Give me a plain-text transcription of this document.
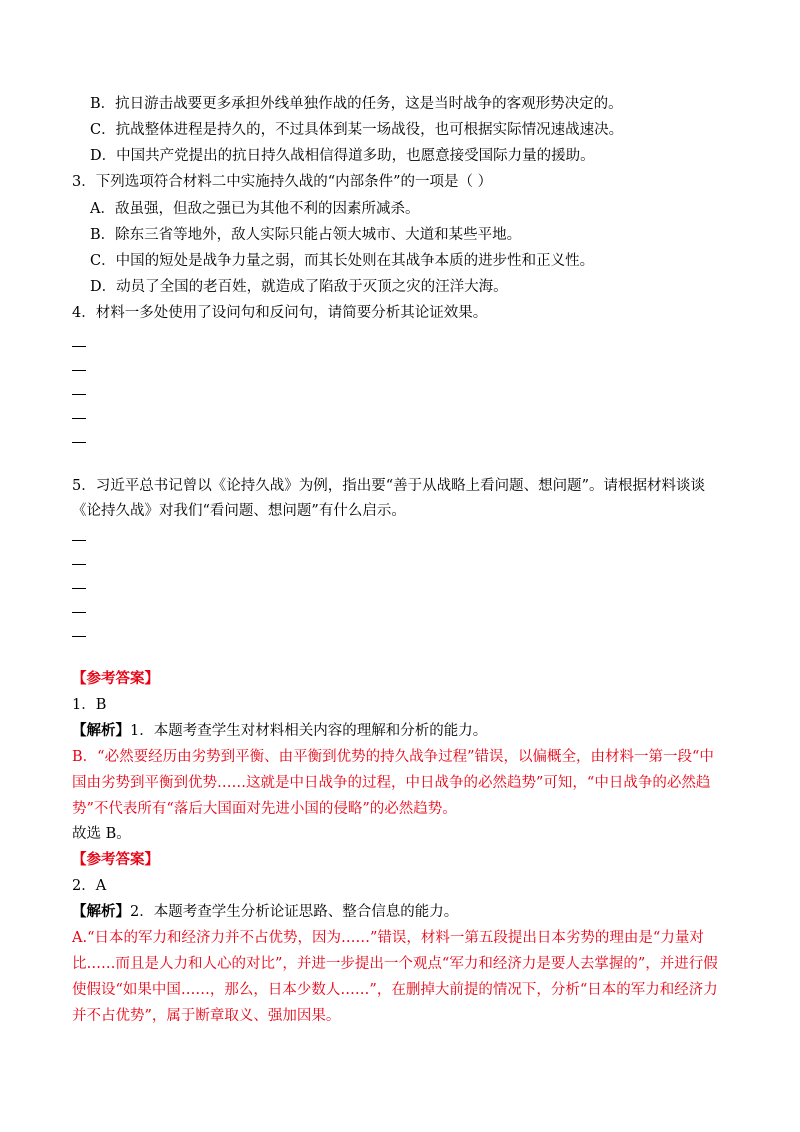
B．抗日游击战要更多承担外线单独作战的任务，这是当时战争的客观形势决定的。
C．抗战整体进程是持久的，不过具体到某一场战役，也可根据实际情况速战速决。
D．中国共产党提出的抗日持久战相信得道多助，也愿意接受国际力量的援助。
3．下列选项符合材料二中实施持久战的“内部条件”的一项是（ ）
A．敌虽强，但敌之强已为其他不利的因素所减杀。
B．除东三省等地外，敌人实际只能占领大城市、大道和某些平地。
C．中国的短处是战争力量之弱，而其长处则在其战争本质的进步性和正义性。
D．动员了全国的老百姓，就造成了陷敌于灭顶之灾的汪洋大海。
4．材料一多处使用了设问句和反问句，请简要分析其论证效果。
5．习近平总书记曾以《论持久战》为例，指出要“善于从战略上看问题、想问题”。请根据材料谈谈
《论持久战》对我们“看问题、想问题”有什么启示。
【参考答案】
1．B
【解析】1．本题考查学生对材料相关内容的理解和分析的能力。
B．“必然要经历由劣势到平衡、由平衡到优势的持久战争过程”错误，以偏概全，由材料一第一段“中
国由劣势到平衡到优势……这就是中日战争的过程，中日战争的必然趋势”可知，“中日战争的必然趋
势”不代表所有“落后大国面对先进小国的侵略”的必然趋势。
故选 B。
【参考答案】
2．A
【解析】2．本题考查学生分析论证思路、整合信息的能力。
A.“日本的军力和经济力并不占优势，因为……”错误，材料一第五段提出日本劣势的理由是“力量对
比……而且是人力和人心的对比”，并进一步提出一个观点“军力和经济力是要人去掌握的”，并进行假
使假设“如果中国……，那么，日本少数人……”，在删掉大前提的情况下，分析“日本的军力和经济力
并不占优势”，属于断章取义、强加因果。
